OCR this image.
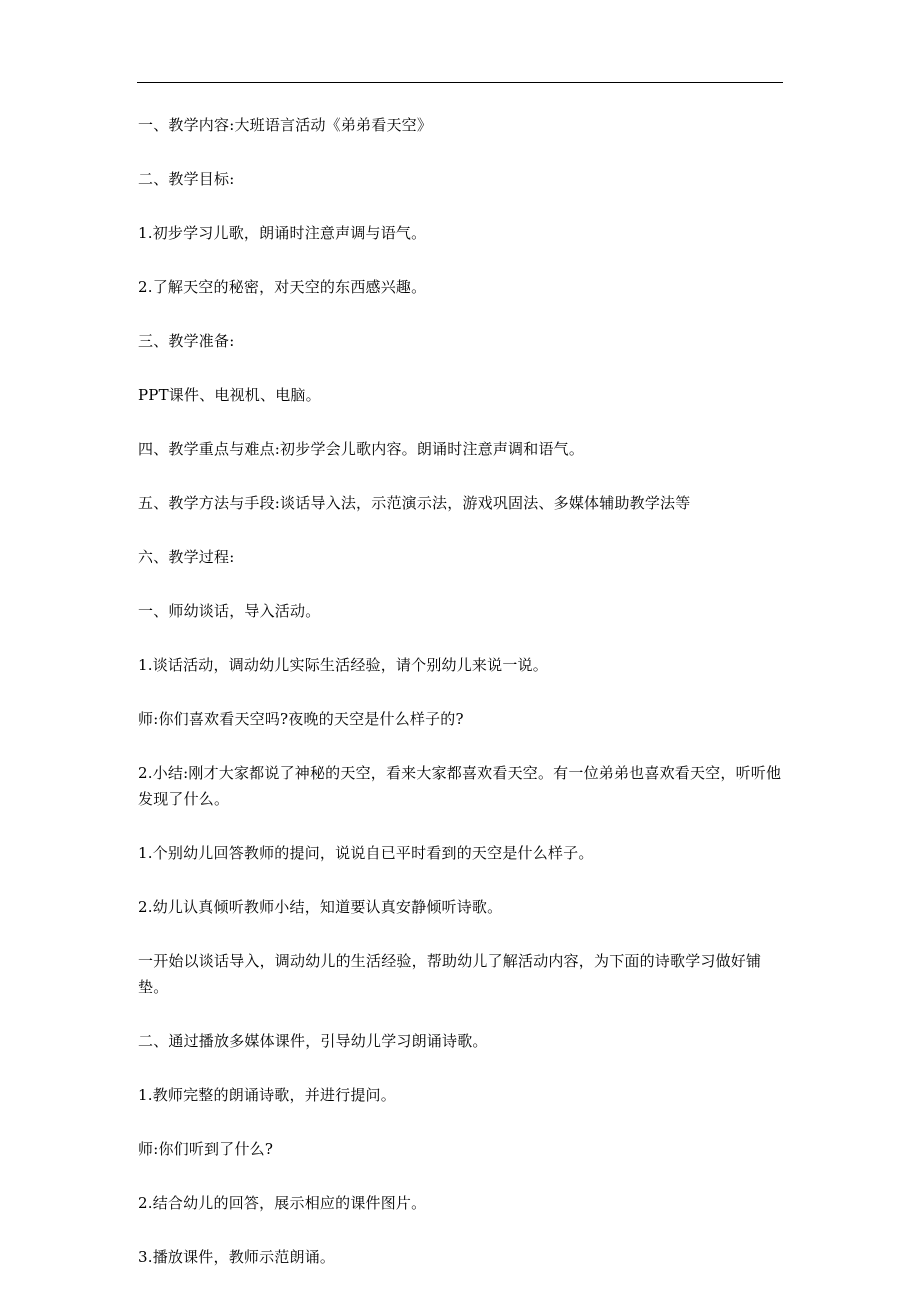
一、教学内容:大班语言活动《弟弟看天空》

二、教学目标:

1.初步学习儿歌，朗诵时注意声调与语气。

2.了解天空的秘密，对天空的东西感兴趣。

三、教学准备:

PPT课件、电视机、电脑。

四、教学重点与难点:初步学会儿歌内容。朗诵时注意声调和语气。

五、教学方法与手段:谈话导入法，示范演示法，游戏巩固法、多媒体辅助教学法等

六、教学过程:

一、师幼谈话，导入活动。

1.谈话活动，调动幼儿实际生活经验，请个别幼儿来说一说。

师:你们喜欢看天空吗?夜晚的天空是什么样子的?

2.小结:刚才大家都说了神秘的天空，看来大家都喜欢看天空。有一位弟弟也喜欢看天空，听听他发现了什么。

1.个别幼儿回答教师的提问，说说自已平时看到的天空是什么样子。

2.幼儿认真倾听教师小结，知道要认真安静倾听诗歌。

一开始以谈话导入，调动幼儿的生活经验，帮助幼儿了解活动内容，为下面的诗歌学习做好铺垫。

二、通过播放多媒体课件，引导幼儿学习朗诵诗歌。

1.教师完整的朗诵诗歌，并进行提问。

师:你们听到了什么?

2.结合幼儿的回答，展示相应的课件图片。

3.播放课件，教师示范朗诵。
